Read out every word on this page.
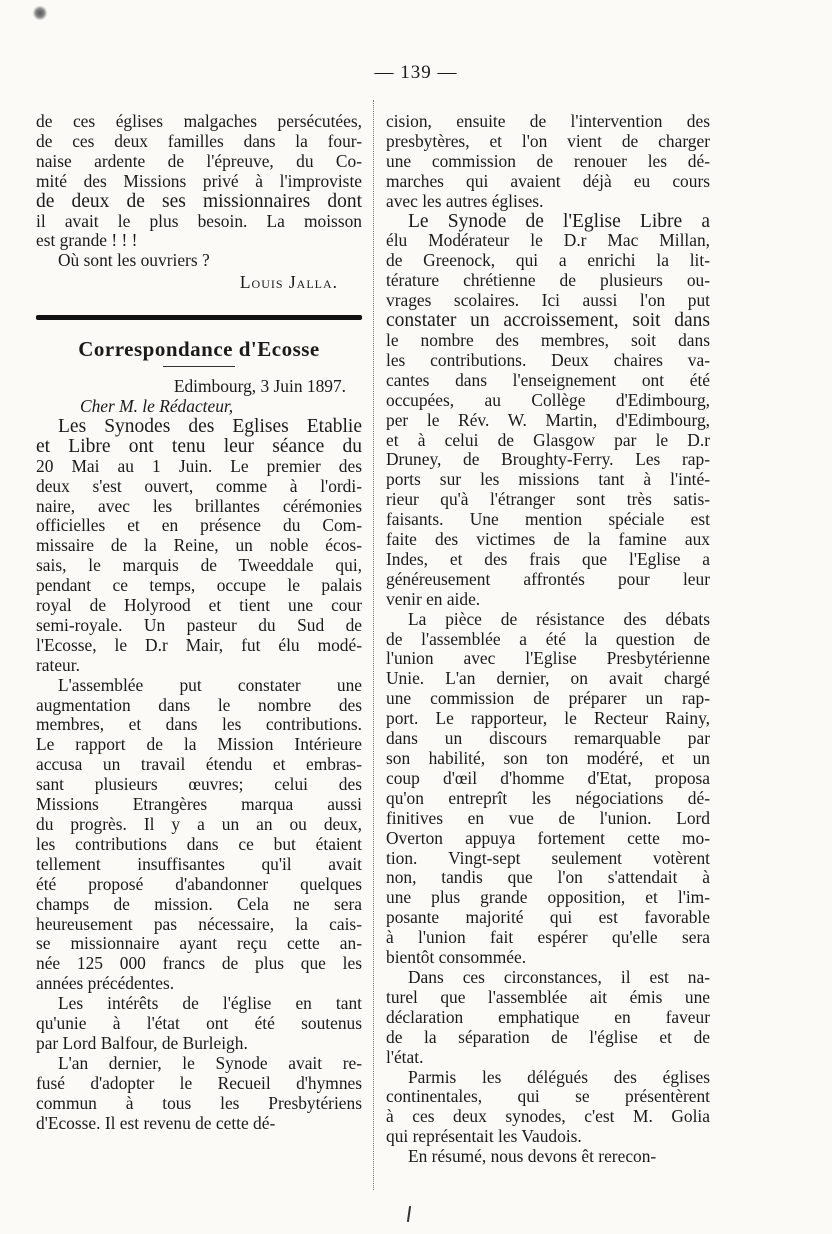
— 139 —
de ces églises malgaches persécutées,
de ces deux familles dans la four-
naise ardente de l'épreuve, du Co-
mité des Missions privé à l'improviste
de deux de ses missionnaires dont
il avait le plus besoin. La moisson
est grande ! ! !

Où sont les ouvriers ?

Louis Jalla.

Correspondance d'Ecosse

Edimbourg, 3 Juin 1897.

Cher M. le Rédacteur,

Les Synodes des Eglises Etablie
et Libre ont tenu leur séance du
20 Mai au 1 Juin. Le premier des
deux s'est ouvert, comme à l'ordi-
naire, avec les brillantes cérémonies
officielles et en présence du Com-
missaire de la Reine, un noble écos-
sais, le marquis de Tweeddale qui,
pendant ce temps, occupe le palais
royal de Holyrood et tient une cour
semi-royale. Un pasteur du Sud de
l'Ecosse, le D.r Mair, fut élu modé-
rateur.

L'assemblée put constater une
augmentation dans le nombre des
membres, et dans les contributions.
Le rapport de la Mission Intérieure
accusa un travail étendu et embras-
sant plusieurs œuvres; celui des
Missions Etrangères marqua aussi
du progrès. Il y a un an ou deux,
les contributions dans ce but étaient
tellement insuffisantes qu'il avait
été proposé d'abandonner quelques
champs de mission. Cela ne sera
heureusement pas nécessaire, la cais-
se missionnaire ayant reçu cette an-
née 125 000 francs de plus que les
années précédentes.

Les intérêts de l'église en tant
qu'unie à l'état ont été soutenus
par Lord Balfour, de Burleigh.

L'an dernier, le Synode avait re-
fusé d'adopter le Recueil d'hymnes
commun à tous les Presbytériens
d'Ecosse. Il est revenu de cette dé-

cision, ensuite de l'intervention des
presbytères, et l'on vient de charger
une commission de renouer les dé-
marches qui avaient déjà eu cours
avec les autres églises.

Le Synode de l'Eglise Libre a
élu Modérateur le D.r Mac Millan,
de Greenock, qui a enrichi la lit-
térature chrétienne de plusieurs ou-
vrages scolaires. Ici aussi l'on put
constater un accroissement, soit dans
le nombre des membres, soit dans
les contributions. Deux chaires va-
cantes dans l'enseignement ont été
occupées, au Collège d'Edimbourg,
per le Rév. W. Martin, d'Edimbourg,
et à celui de Glasgow par le D.r
Druney, de Broughty-Ferry. Les rap-
ports sur les missions tant à l'inté-
rieur qu'à l'étranger sont très satis-
faisants. Une mention spéciale est
faite des victimes de la famine aux
Indes, et des frais que l'Eglise a
généreusement affrontés pour leur
venir en aide.

La pièce de résistance des débats
de l'assemblée a été la question de
l'union avec l'Eglise Presbytérienne
Unie. L'an dernier, on avait chargé
une commission de préparer un rap-
port. Le rapporteur, le Recteur Rainy,
dans un discours remarquable par
son habilité, son ton modéré, et un
coup d'œil d'homme d'Etat, proposa
qu'on entreprît les négociations dé-
finitives en vue de l'union. Lord
Overton appuya fortement cette mo-
tion. Vingt-sept seulement votèrent
non, tandis que l'on s'attendait à
une plus grande opposition, et l'im-
posante majorité qui est favorable
à l'union fait espérer qu'elle sera
bientôt consommée.

Dans ces circonstances, il est na-
turel que l'assemblée ait émis une
déclaration emphatique en faveur
de la séparation de l'église et de
l'état.

Parmis les délégués des églises
continentales, qui se présentèrent
à ces deux synodes, c'est M. Golia
qui représentait les Vaudois.

En résumé, nous devons êt rerecon-
